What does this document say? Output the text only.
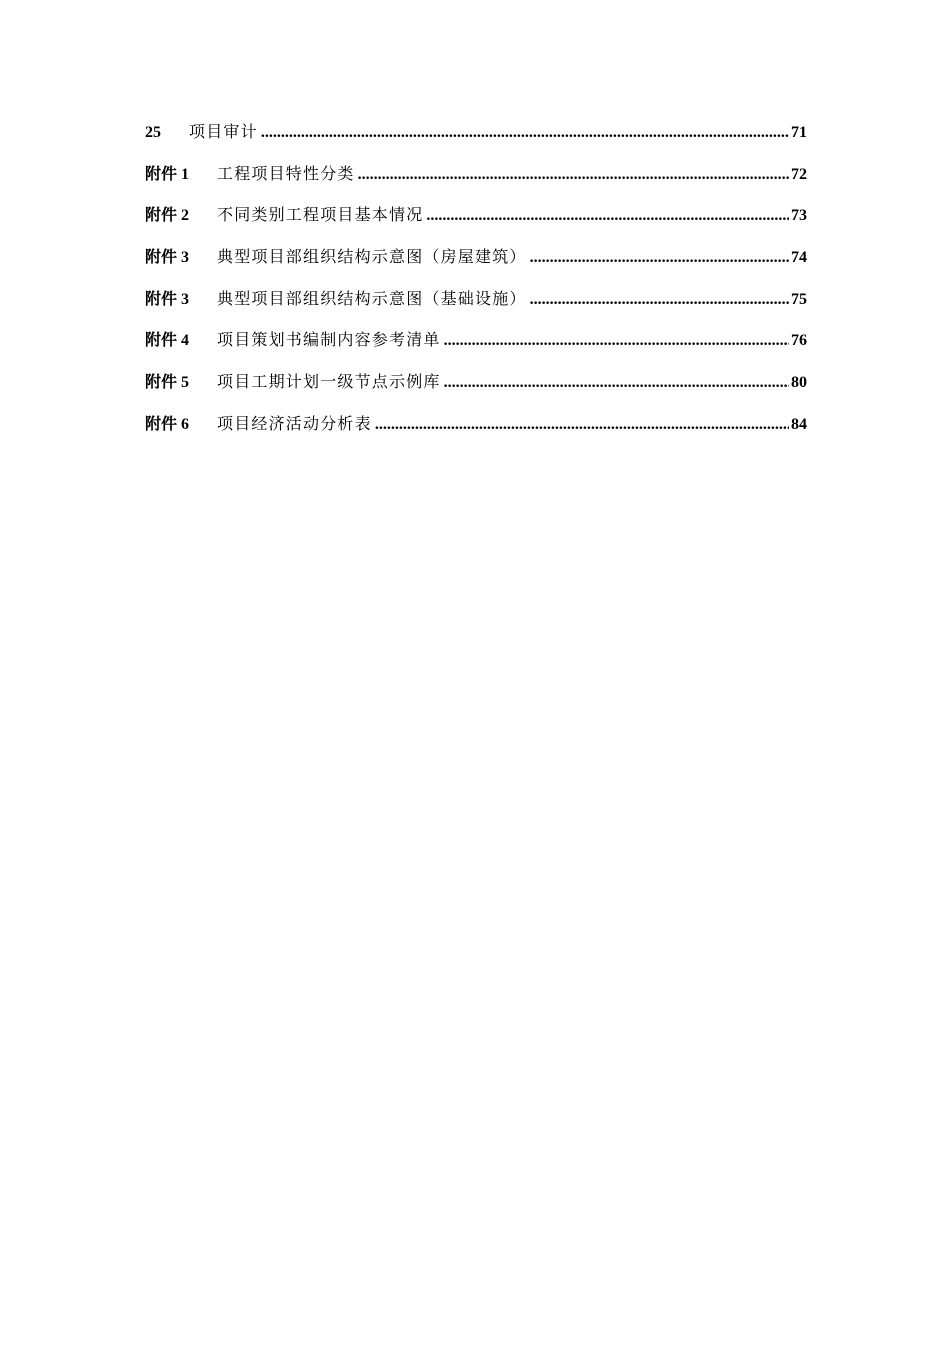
25	项目审计 .....	71
附件 1	工程项目特性分类 .....	72
附件 2	不同类别工程项目基本情况 .....	73
附件 3	典型项目部组织结构示意图（房屋建筑） .....	74
附件 3	典型项目部组织结构示意图（基础设施） .....	75
附件 4	项目策划书编制内容参考清单 .....	76
附件 5	项目工期计划一级节点示例库 .....	80
附件 6	项目经济活动分析表 .....	84
